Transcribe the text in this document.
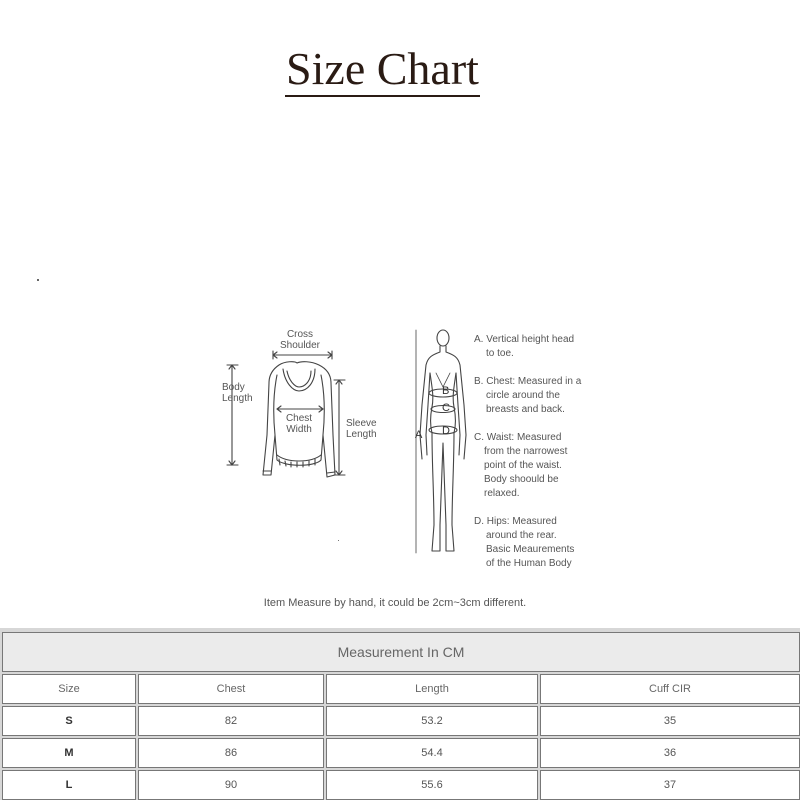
Size Chart
Cross
Shoulder
Body
Length
Chest
Width
Sleeve
Length	A
B
C
D
A. Vertical height head
to toe.
B. Chest: Measured in a
circle around the
breasts and back.
C. Waist: Measured
from the narrowest
point of the waist.
Body shoould be
relaxed.
D. Hips: Measured
around the rear.
Basic Meaurements
of the Human Body
Item Measure by hand, it could be 2cm~3cm different.
Measurement In CM
Size	Chest	Length	Cuff CIR
S	82	53.2	35
M	86	54.4	36
L	90	55.6	37
